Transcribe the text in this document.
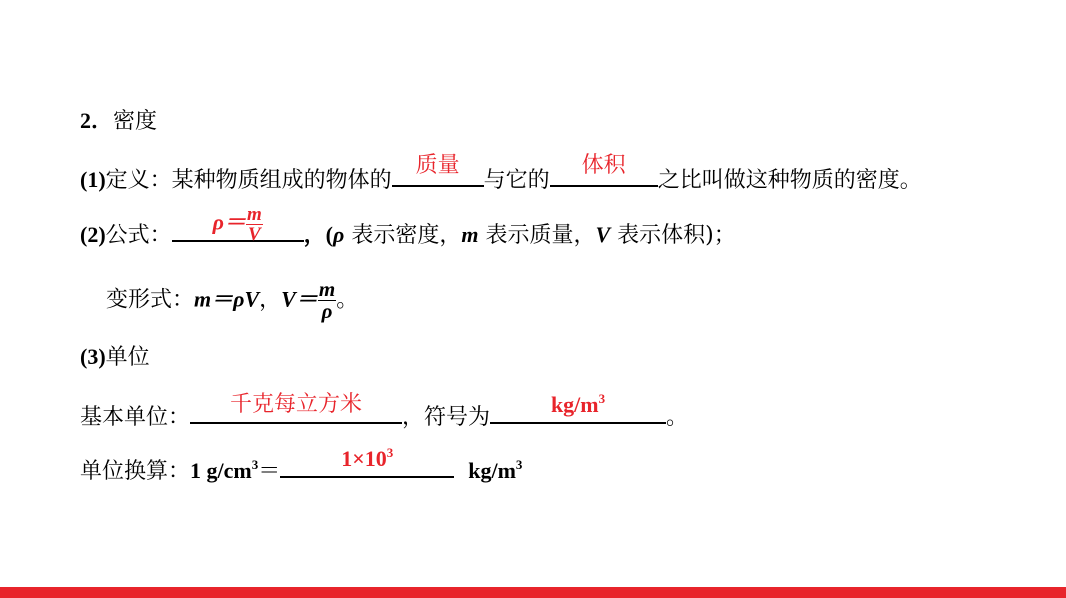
2．密度
(1)定义：某种物质组成的物体的
质量
与它的
体积
之比叫做这种物质的密度。
(2)公式：
$\rho= \frac{m}{V}$ ，(ρ 表示密度，m 表示质量，V 表示体积)；
变形式：m＝ρV，$V= \frac{m}{\rho}$ 。
(3)单位
基本单位：
千克每立方米
，符号为
$kg/m^3$
。
单位换算：1 $g/cm^3=$
$1\times 10^3$
$kg/m^3$
